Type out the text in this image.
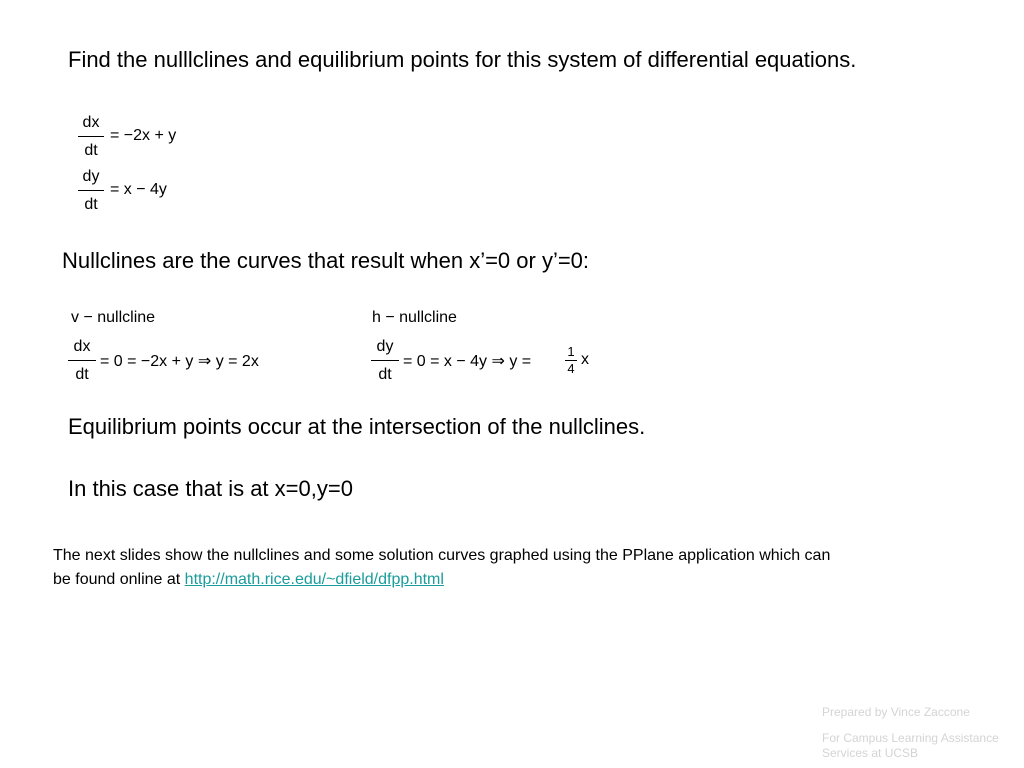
Find the nulllclines and equilibrium points for this system of differential equations.
dx
dt
= −2x + y
dy
dt
= x − 4y
Nullclines are the curves that result when x’=0 or y’=0:
v − nullcline
dx
dt
= 0 = −2x + y ⇒ y = 2x
h − nullcline
dy
dt
= 0 = x − 4y ⇒ y =
1
4
x
Equilibrium points occur at the intersection of the nullclines.
In this case that is at x=0,y=0
The next slides show the nullclines and some solution curves graphed using the PPlane application which can be found online at http://math.rice.edu/~dfield/dfpp.html
Prepared by Vince Zaccone
For Campus Learning Assistance Services at UCSB
